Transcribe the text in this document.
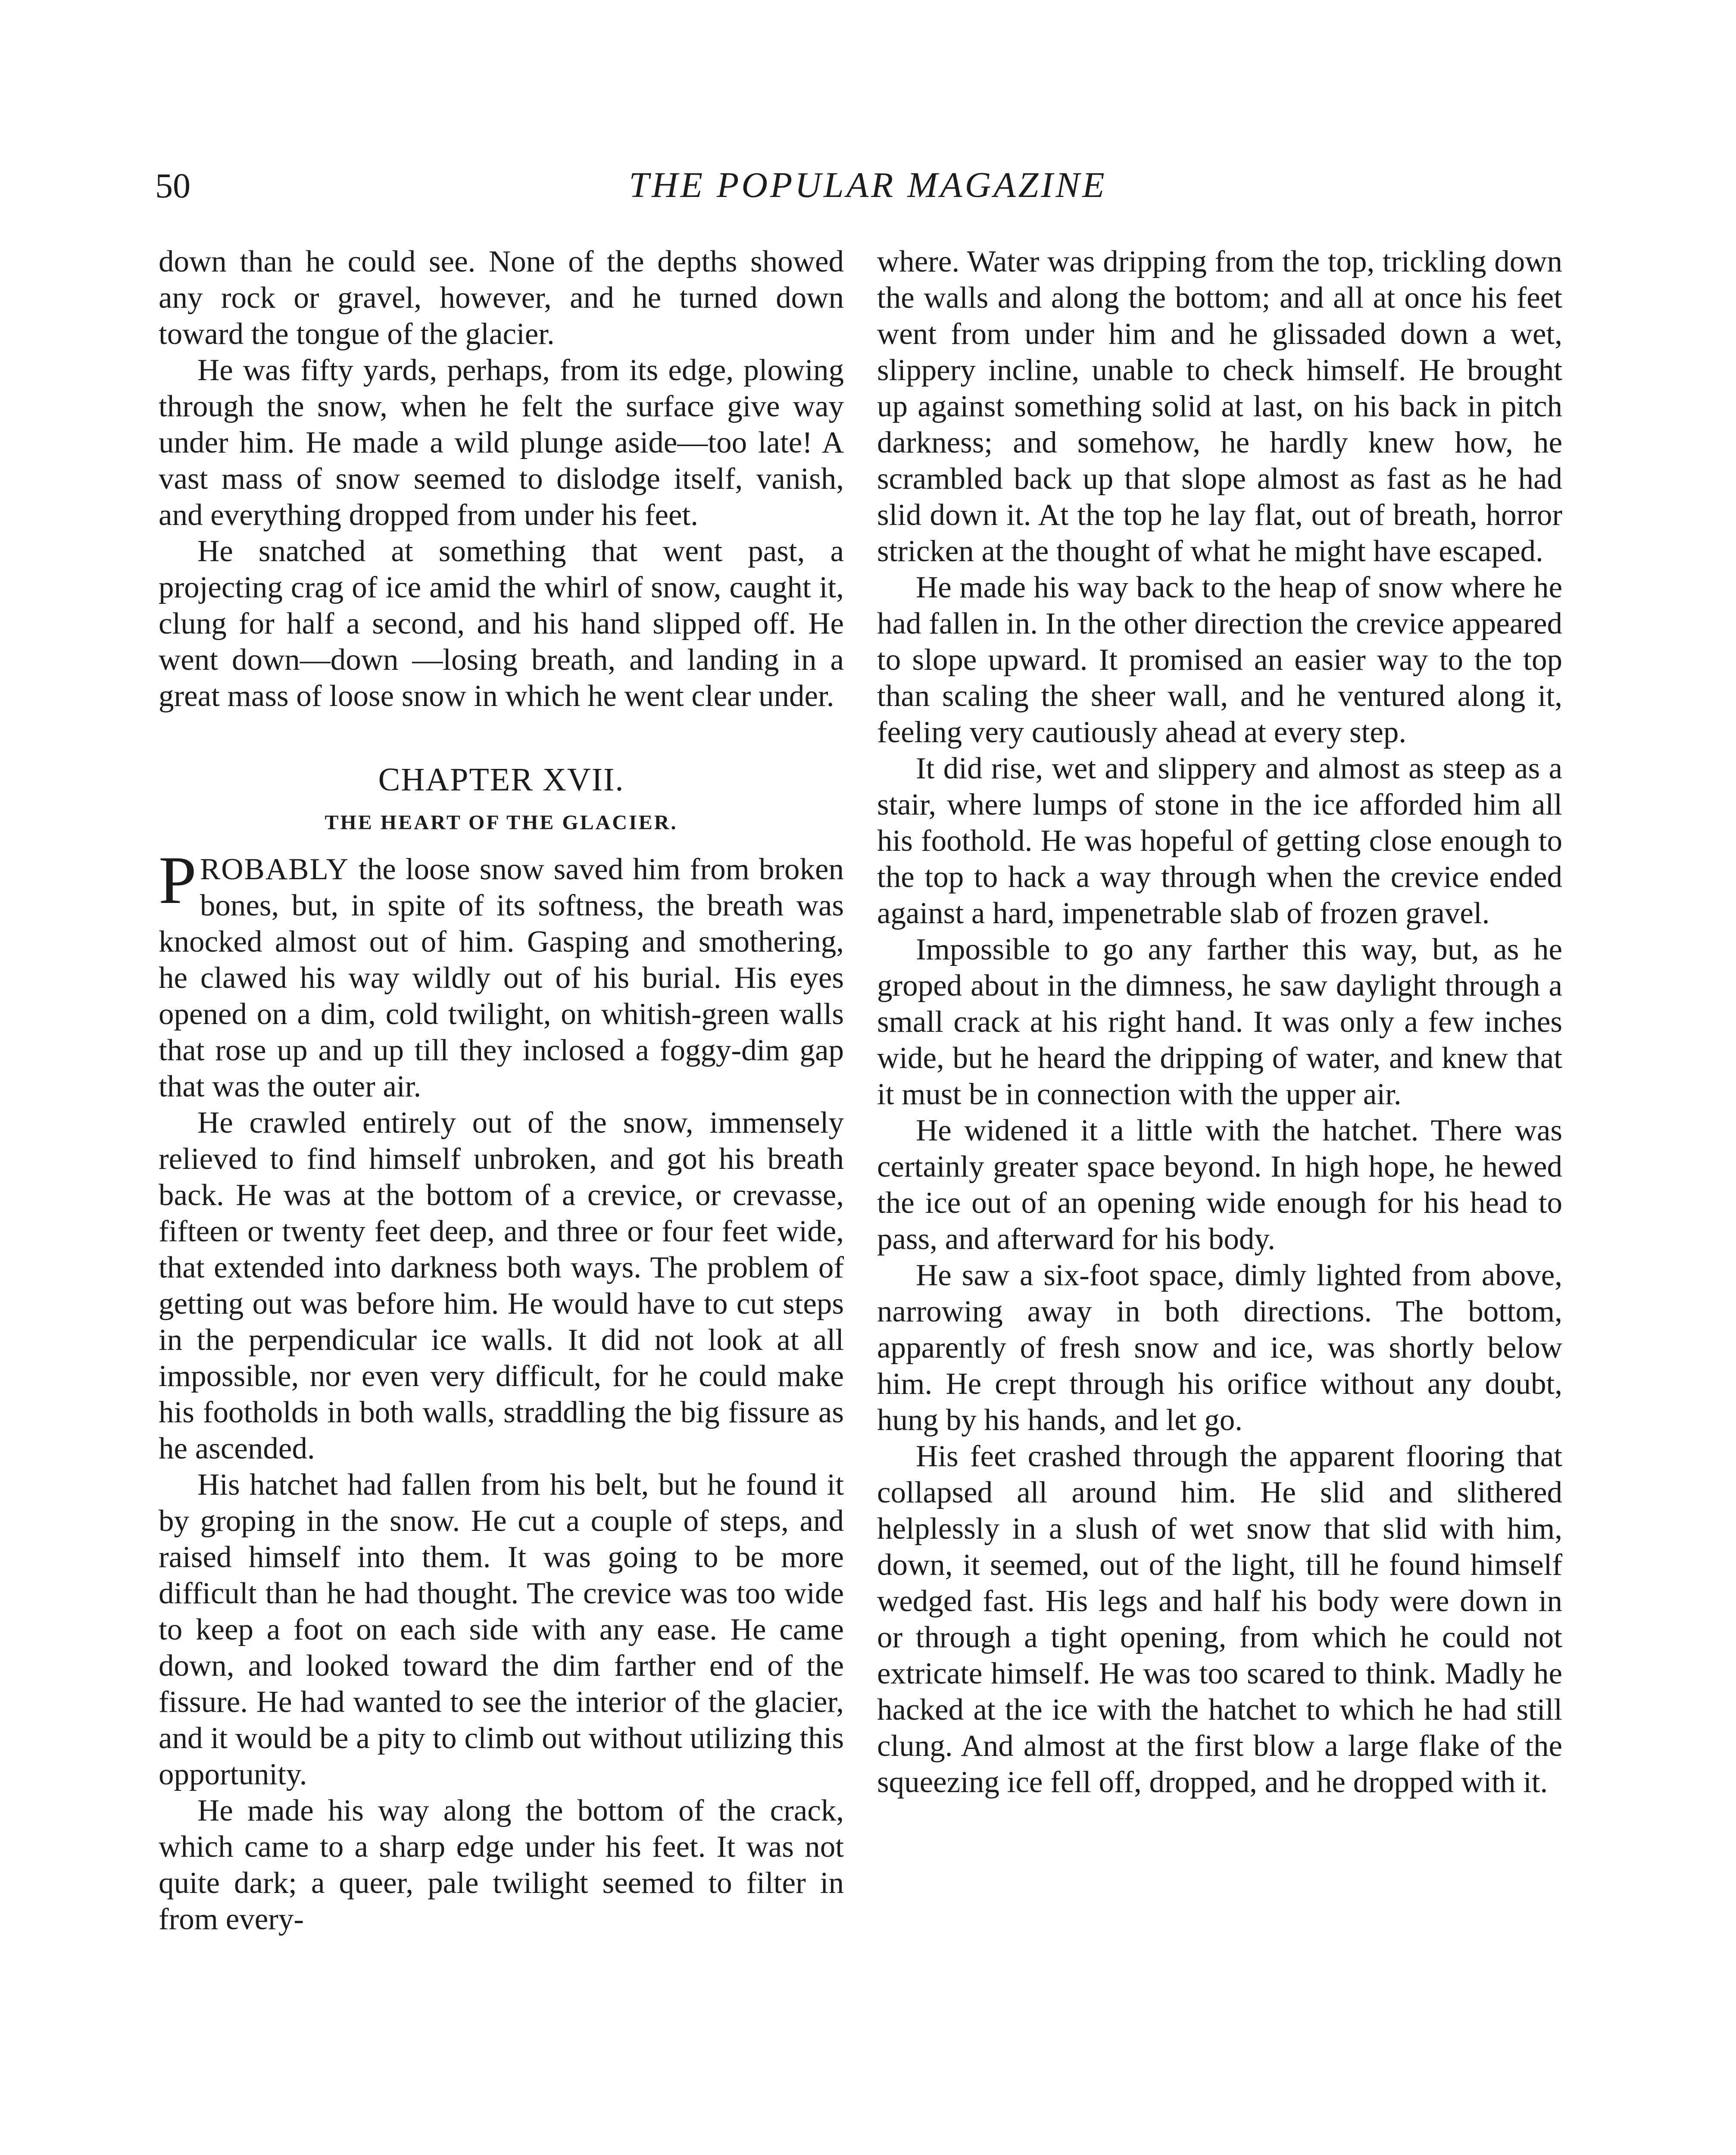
50	THE POPULAR MAGAZINE

down than he could see. None of the depths showed any rock or gravel, however, and he turned down toward the tongue of the glacier.

He was fifty yards, perhaps, from its edge, plowing through the snow, when he felt the surface give way under him. He made a wild plunge aside—too late! A vast mass of snow seemed to dislodge itself, vanish, and everything dropped from under his feet.

He snatched at something that went past, a projecting crag of ice amid the whirl of snow, caught it, clung for half a second, and his hand slipped off. He went down—down —losing breath, and landing in a great mass of loose snow in which he went clear under.

CHAPTER XVII.
THE HEART OF THE GLACIER.

PROBABLY the loose snow saved him from broken bones, but, in spite of its softness, the breath was knocked almost out of him. Gasping and smothering, he clawed his way wildly out of his burial. His eyes opened on a dim, cold twilight, on whitish-green walls that rose up and up till they inclosed a foggy-dim gap that was the outer air.

He crawled entirely out of the snow, immensely relieved to find himself unbroken, and got his breath back. He was at the bottom of a crevice, or crevasse, fifteen or twenty feet deep, and three or four feet wide, that extended into darkness both ways. The problem of getting out was before him. He would have to cut steps in the perpendicular ice walls. It did not look at all impossible, nor even very difficult, for he could make his footholds in both walls, straddling the big fissure as he ascended.

His hatchet had fallen from his belt, but he found it by groping in the snow. He cut a couple of steps, and raised himself into them. It was going to be more difficult than he had thought. The crevice was too wide to keep a foot on each side with any ease. He came down, and looked toward the dim farther end of the fissure. He had wanted to see the interior of the glacier, and it would be a pity to climb out without utilizing this opportunity.

He made his way along the bottom of the crack, which came to a sharp edge under his feet. It was not quite dark; a queer, pale twilight seemed to filter in from every-

where. Water was dripping from the top, trickling down the walls and along the bottom; and all at once his feet went from under him and he glissaded down a wet, slippery incline, unable to check himself. He brought up against something solid at last, on his back in pitch darkness; and somehow, he hardly knew how, he scrambled back up that slope almost as fast as he had slid down it. At the top he lay flat, out of breath, horror stricken at the thought of what he might have escaped.

He made his way back to the heap of snow where he had fallen in. In the other direction the crevice appeared to slope upward. It promised an easier way to the top than scaling the sheer wall, and he ventured along it, feeling very cautiously ahead at every step.

It did rise, wet and slippery and almost as steep as a stair, where lumps of stone in the ice afforded him all his foothold. He was hopeful of getting close enough to the top to hack a way through when the crevice ended against a hard, impenetrable slab of frozen gravel.

Impossible to go any farther this way, but, as he groped about in the dimness, he saw daylight through a small crack at his right hand. It was only a few inches wide, but he heard the dripping of water, and knew that it must be in connection with the upper air.

He widened it a little with the hatchet. There was certainly greater space beyond. In high hope, he hewed the ice out of an opening wide enough for his head to pass, and afterward for his body.

He saw a six-foot space, dimly lighted from above, narrowing away in both directions. The bottom, apparently of fresh snow and ice, was shortly below him. He crept through his orifice without any doubt, hung by his hands, and let go.

His feet crashed through the apparent flooring that collapsed all around him. He slid and slithered helplessly in a slush of wet snow that slid with him, down, it seemed, out of the light, till he found himself wedged fast. His legs and half his body were down in or through a tight opening, from which he could not extricate himself. He was too scared to think. Madly he hacked at the ice with the hatchet to which he had still clung. And almost at the first blow a large flake of the squeezing ice fell off, dropped, and he dropped with it.
